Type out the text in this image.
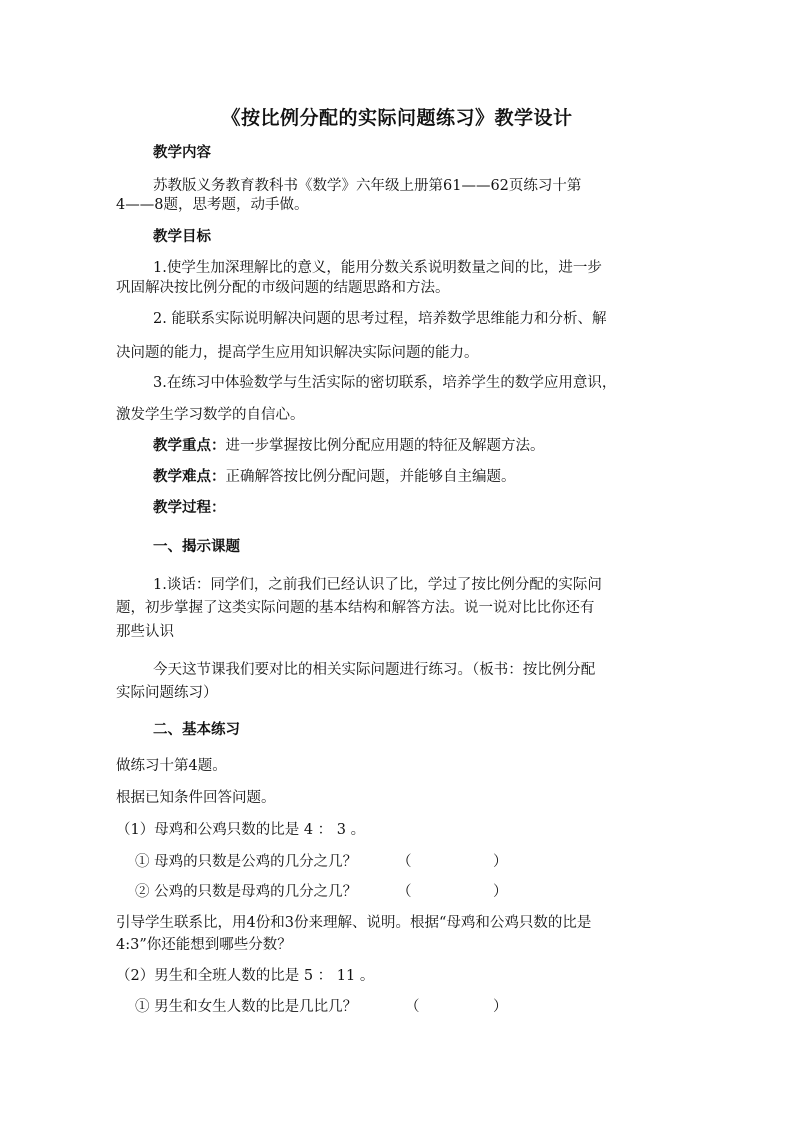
《按比例分配的实际问题练习》教学设计
教学内容
苏教版义务教育教科书《数学》六年级上册第61——62页练习十第
4——8题，思考题，动手做。
教学目标
1.使学生加深理解比的意义，能用分数关系说明数量之间的比，进一步
巩固解决按比例分配的市级问题的结题思路和方法。
2. 能联系实际说明解决问题的思考过程，培养数学思维能力和分析、解
决问题的能力，提高学生应用知识解决实际问题的能力。
3.在练习中体验数学与生活实际的密切联系，培养学生的数学应用意识，
激发学生学习数学的自信心。
教学重点：进一步掌握按比例分配应用题的特征及解题方法。
教学难点：正确解答按比例分配问题，并能够自主编题。
教学过程：
一、揭示课题
1.谈话：同学们，之前我们已经认识了比，学过了按比例分配的实际问
题，初步掌握了这类实际问题的基本结构和解答方法。说一说对比比你还有
那些认识
今天这节课我们要对比的相关实际问题进行练习。（板书：按比例分配
实际问题练习）
二、基本练习
做练习十第4题。
根据已知条件回答问题。
（1）母鸡和公鸡只数的比是 4 ： 3 。
① 母鸡的只数是公鸡的几分之几？	（	）
② 公鸡的只数是母鸡的几分之几？	（	）
引导学生联系比，用4份和3份来理解、说明。根据“母鸡和公鸡只数的比是
4:3”你还能想到哪些分数？
（2）男生和全班人数的比是 5 ： 11 。
① 男生和女生人数的比是几比几？	（	）
